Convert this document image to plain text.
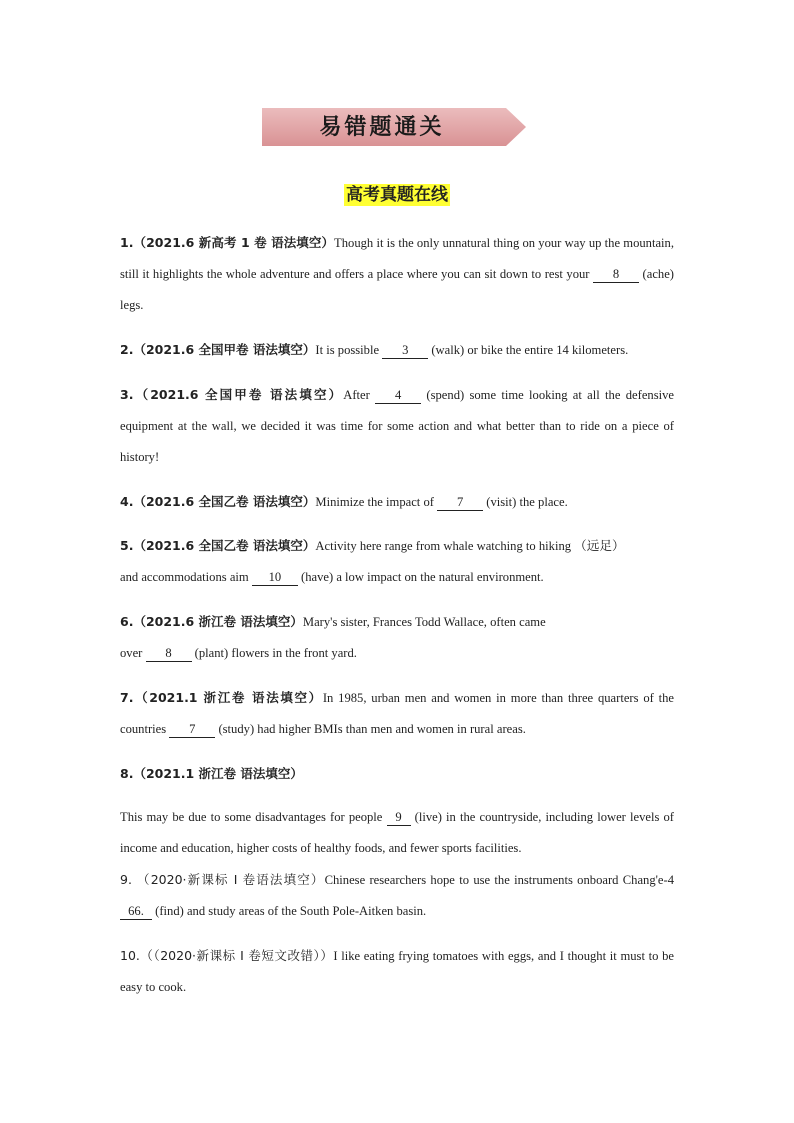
易错题通关
高考真题在线
1.（2021.6 新高考 1 卷 语法填空）Though it is the only unnatural thing on your way up the mountain, still it highlights the whole adventure and offers a place where you can sit down to rest your 8 (ache) legs.
2.（2021.6 全国甲卷 语法填空）It is possible 3 (walk) or bike the entire 14 kilometers.
3.（2021.6 全国甲卷 语法填空）After 4 (spend) some time looking at all the defensive equipment at the wall, we decided it was time for some action and what better than to ride on a piece of history!
4.（2021.6 全国乙卷 语法填空）Minimize the impact of 7 (visit) the place.
5.（2021.6 全国乙卷 语法填空）Activity here range from whale watching to hiking （远足）
and accommodations aim 10 (have) a low impact on the natural environment.
6.（2021.6 浙江卷 语法填空）Mary's sister, Frances Todd Wallace, often came
over 8 (plant) flowers in the front yard.
7.（2021.1 浙江卷 语法填空）In 1985, urban men and women in more than three quarters of the countries 7 (study) had higher BMIs than men and women in rural areas.
8.（2021.1 浙江卷 语法填空）
This may be due to some disadvantages for people 9 (live) in the countryside, including lower levels of income and education, higher costs of healthy foods, and fewer sports facilities.
9. （2020·新课标 I 卷语法填空）Chinese researchers hope to use the instruments onboard Chang'e-4 66. (find) and study areas of the South Pole-Aitken basin.
10.（（2020·新课标 I 卷短文改错））I like eating frying tomatoes with eggs, and I thought it must to be easy to cook.
